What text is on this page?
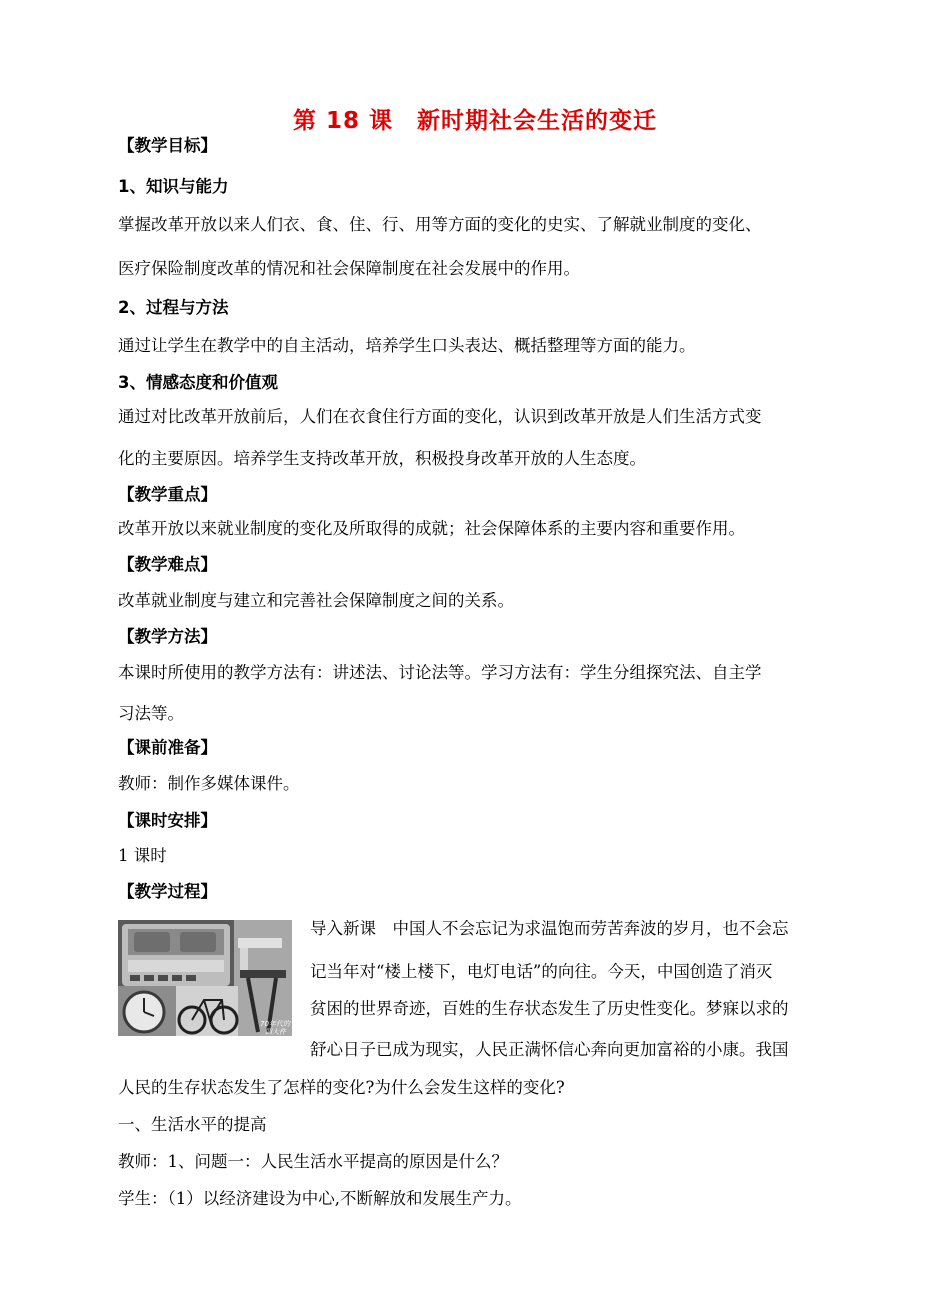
第 18 课　新时期社会生活的变迁
【教学目标】
1、知识与能力
掌握改革开放以来人们衣、食、住、行、用等方面的变化的史实、了解就业制度的变化、
医疗保险制度改革的情况和社会保障制度在社会发展中的作用。
2、过程与方法
通过让学生在教学中的自主活动，培养学生口头表达、概括整理等方面的能力。
3、情感态度和价值观
通过对比改革开放前后，人们在衣食住行方面的变化，认识到改革开放是人们生活方式变
化的主要原因。培养学生支持改革开放，积极投身改革开放的人生态度。
【教学重点】
改革开放以来就业制度的变化及所取得的成就；社会保障体系的主要内容和重要作用。
【教学难点】
改革就业制度与建立和完善社会保障制度之间的关系。
【教学方法】
本课时所使用的教学方法有：讲述法、讨论法等。学习方法有：学生分组探究法、自主学
习法等。
【课前准备】
教师：制作多媒体课件。
【课时安排】
1 课时
【教学过程】
70年代的
四大件
导入新课　中国人不会忘记为求温饱而劳苦奔波的岁月，也不会忘
记当年对“楼上楼下，电灯电话”的向往。今天，中国创造了消灭
贫困的世界奇迹，百姓的生存状态发生了历史性变化。梦寐以求的
舒心日子已成为现实，人民正满怀信心奔向更加富裕的小康。我国
人民的生存状态发生了怎样的变化?为什么会发生这样的变化?
一、生活水平的提高
教师：1、问题一：人民生活水平提高的原因是什么？
学生：（1）以经济建设为中心,不断解放和发展生产力。
